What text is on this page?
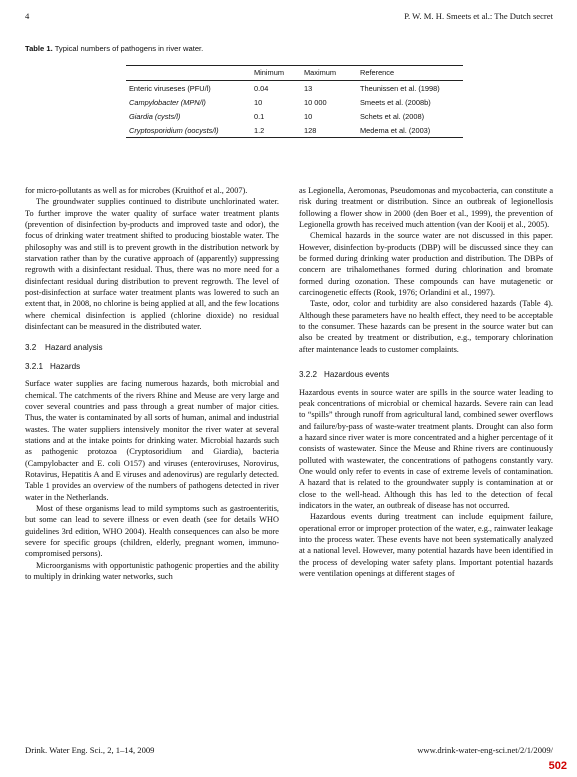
4	P. W. M. H. Smeets et al.: The Dutch secret
Table 1. Typical numbers of pathogens in river water.
	Minimum	Maximum	Reference
Enteric viruseses (PFU/l)	0.04	13	Theunissen et al. (1998)
Campylobacter (MPN/l)	10	10 000	Smeets et al. (2008b)
Giardia (cysts/l)	0.1	10	Schets et al. (2008)
Cryptosporidium (oocysts/l)	1.2	128	Medema et al. (2003)

for micro-pollutants as well as for microbes (Kruithof et al., 2007).

The groundwater supplies continued to distribute unchlorinated water. To further improve the water quality of surface water treatment plants (prevention of disinfection by-products and improved taste and odor), the focus of drinking water treatment shifted to producing biostable water. The philosophy was and still is to prevent growth in the distribution network by starvation rather than by the curative approach of (apparently) suppressing regrowth with a disinfectant residual. Thus, there was no more need for a disinfectant residual during distribution to prevent regrowth. The level of post-disinfection at surface water treatment plants was lowered to such an extent that, in 2008, no chlorine is being applied at all, and the few locations where chemical disinfection is applied (chlorine dioxide) no residual disinfectant can be measured in the distributed water.

3.2 Hazard analysis
3.2.1 Hazards

Surface water supplies are facing numerous hazards, both microbial and chemical. The catchments of the rivers Rhine and Meuse are very large and cover several countries and pass through a great number of major cities. Thus, the water is contaminated by all sorts of human, animal and industrial wastes. The water suppliers intensively monitor the river water at several stations and at the intake points for drinking water. Microbial hazards such as pathogenic protozoa (Cryptosoridium and Giardia), bacteria (Campylobacter and E. coli O157) and viruses (enteroviruses, Norovirus, Rotavirus, Hepatitis A and E viruses and adenovirus) are regularly detected. Table 1 provides an overview of the numbers of pathogens detected in river water in the Netherlands.

Most of these organisms lead to mild symptoms such as gastroenteritis, but some can lead to severe illness or even death (see for details WHO guidelines 3rd edition, WHO 2004). Health consequences can also be more severe for specific groups (children, elderly, pregnant women, immuno-compromised persons).

Microorganisms with opportunistic pathogenic properties and the ability to multiply in drinking water networks, such

as Legionella, Aeromonas, Pseudomonas and mycobacteria, can constitute a risk during treatment or distribution. Since an outbreak of legionellosis following a flower show in 2000 (den Boer et al., 1999), the prevention of Legionella growth has received much attention (van der Kooij et al., 2005).

Chemical hazards in the source water are not discussed in this paper. However, disinfection by-products (DBP) will be discussed since they can be formed during drinking water production and distribution. The DBPs of concern are trihalomethanes formed during chlorination and bromate formed during ozonation. These compounds can have mutagenetic or carcinogenetic effects (Rook, 1976; Orlandini et al., 1997).

Taste, odor, color and turbidity are also considered hazards (Table 4). Although these parameters have no health effect, they need to be acceptable to the consumer. These hazards can be present in the source water but can also be created by treatment or distribution, e.g., temporary chlorination after maintenance leads to customer complaints.

3.2.2 Hazardous events

Hazardous events in source water are spills in the source water leading to peak concentrations of microbial or chemical hazards. Severe rain can lead to “spills” through runoff from agricultural land, combined sewer overflows and failure/by-pass of waste-water treatment plants. Drought can also form a hazard since river water is more concentrated and a higher percentage of it consists of wastewater. Since the Meuse and Rhine rivers are continuously polluted with wastewater, the concentrations of pathogens constantly vary. One would only refer to events in case of extreme levels of contamination. A hazard that is related to the groundwater supply is contamination at or close to the well-head. Although this has led to the detection of fecal indicators in the water, an outbreak of disease has not occurred.

Hazardous events during treatment can include equipment failure, operational error or improper protection of the water, e.g., rainwater leakage into the process water. These events have not been systematically analyzed at a national level. However, many potential hazards have been identified in the process of developing water safety plans. Important potential hazards were ventilation openings at different stages of

Drink. Water Eng. Sci., 2, 1–14, 2009	www.drink-water-eng-sci.net/2/1/2009/
502
